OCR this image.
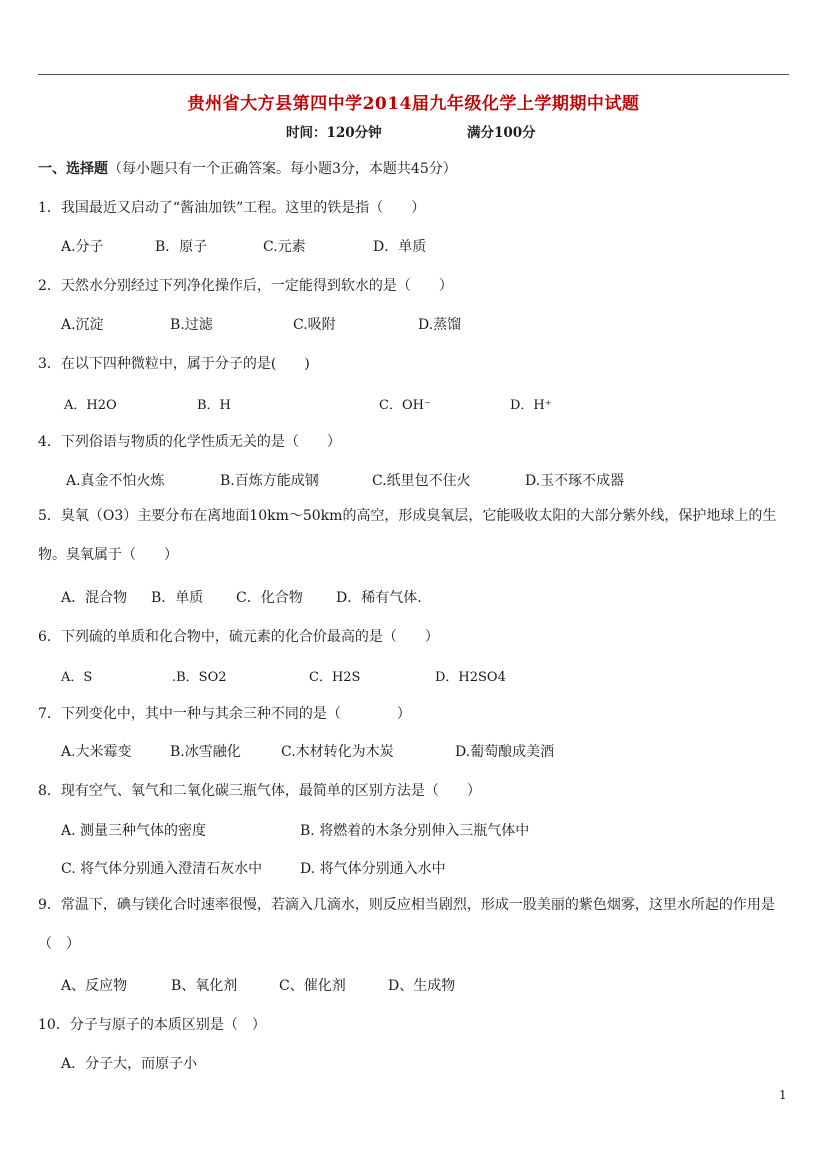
贵州省大方县第四中学2014届九年级化学上学期期中试题
时间：120分钟	满分100分
一、选择题（每小题只有一个正确答案。每小题3分，本题共45分）
1．我国最近又启动了“酱油加铁”工程。这里的铁是指（　　）
A.分子	B．原子	C.元素	D．单质
2．天然水分别经过下列净化操作后，一定能得到软水的是（　　）
A.沉淀	B.过滤	C.吸附	D.蒸馏
3．在以下四种微粒中，属于分子的是(　　)
A．H2O	B．H	C．OH⁻	D．H⁺
4．下列俗语与物质的化学性质无关的是（　　）
A.真金不怕火炼	B.百炼方能成钢	C.纸里包不住火	D.玉不琢不成器
5．臭氧（O3）主要分布在离地面10km～50km的高空，形成臭氧层，它能吸收太阳的大部分紫外线，保护地球上的生物。臭氧属于（　　）
A．混合物 B．单质 C．化合物 D．稀有气体.
6．下列硫的单质和化合物中，硫元素的化合价最高的是（　　）
A．S	.B．SO2	C．H2S	D．H2SO4
7．下列变化中，其中一种与其余三种不同的是（　　　　）
A.大米霉变	B.冰雪融化	C.木材转化为木炭	D.葡萄酿成美酒
8．现有空气、氧气和二氧化碳三瓶气体，最简单的区别方法是（　　）
A. 测量三种气体的密度	B. 将燃着的木条分别伸入三瓶气体中
C. 将气体分别通入澄清石灰水中	D. 将气体分别通入水中
9．常温下，碘与镁化合时速率很慢，若滴入几滴水，则反应相当剧烈，形成一股美丽的紫色烟雾，这里水所起的作用是（　）
A、反应物	B、氧化剂	C、催化剂	D、生成物
10．分子与原子的本质区别是（　）
A．分子大，而原子小
1
